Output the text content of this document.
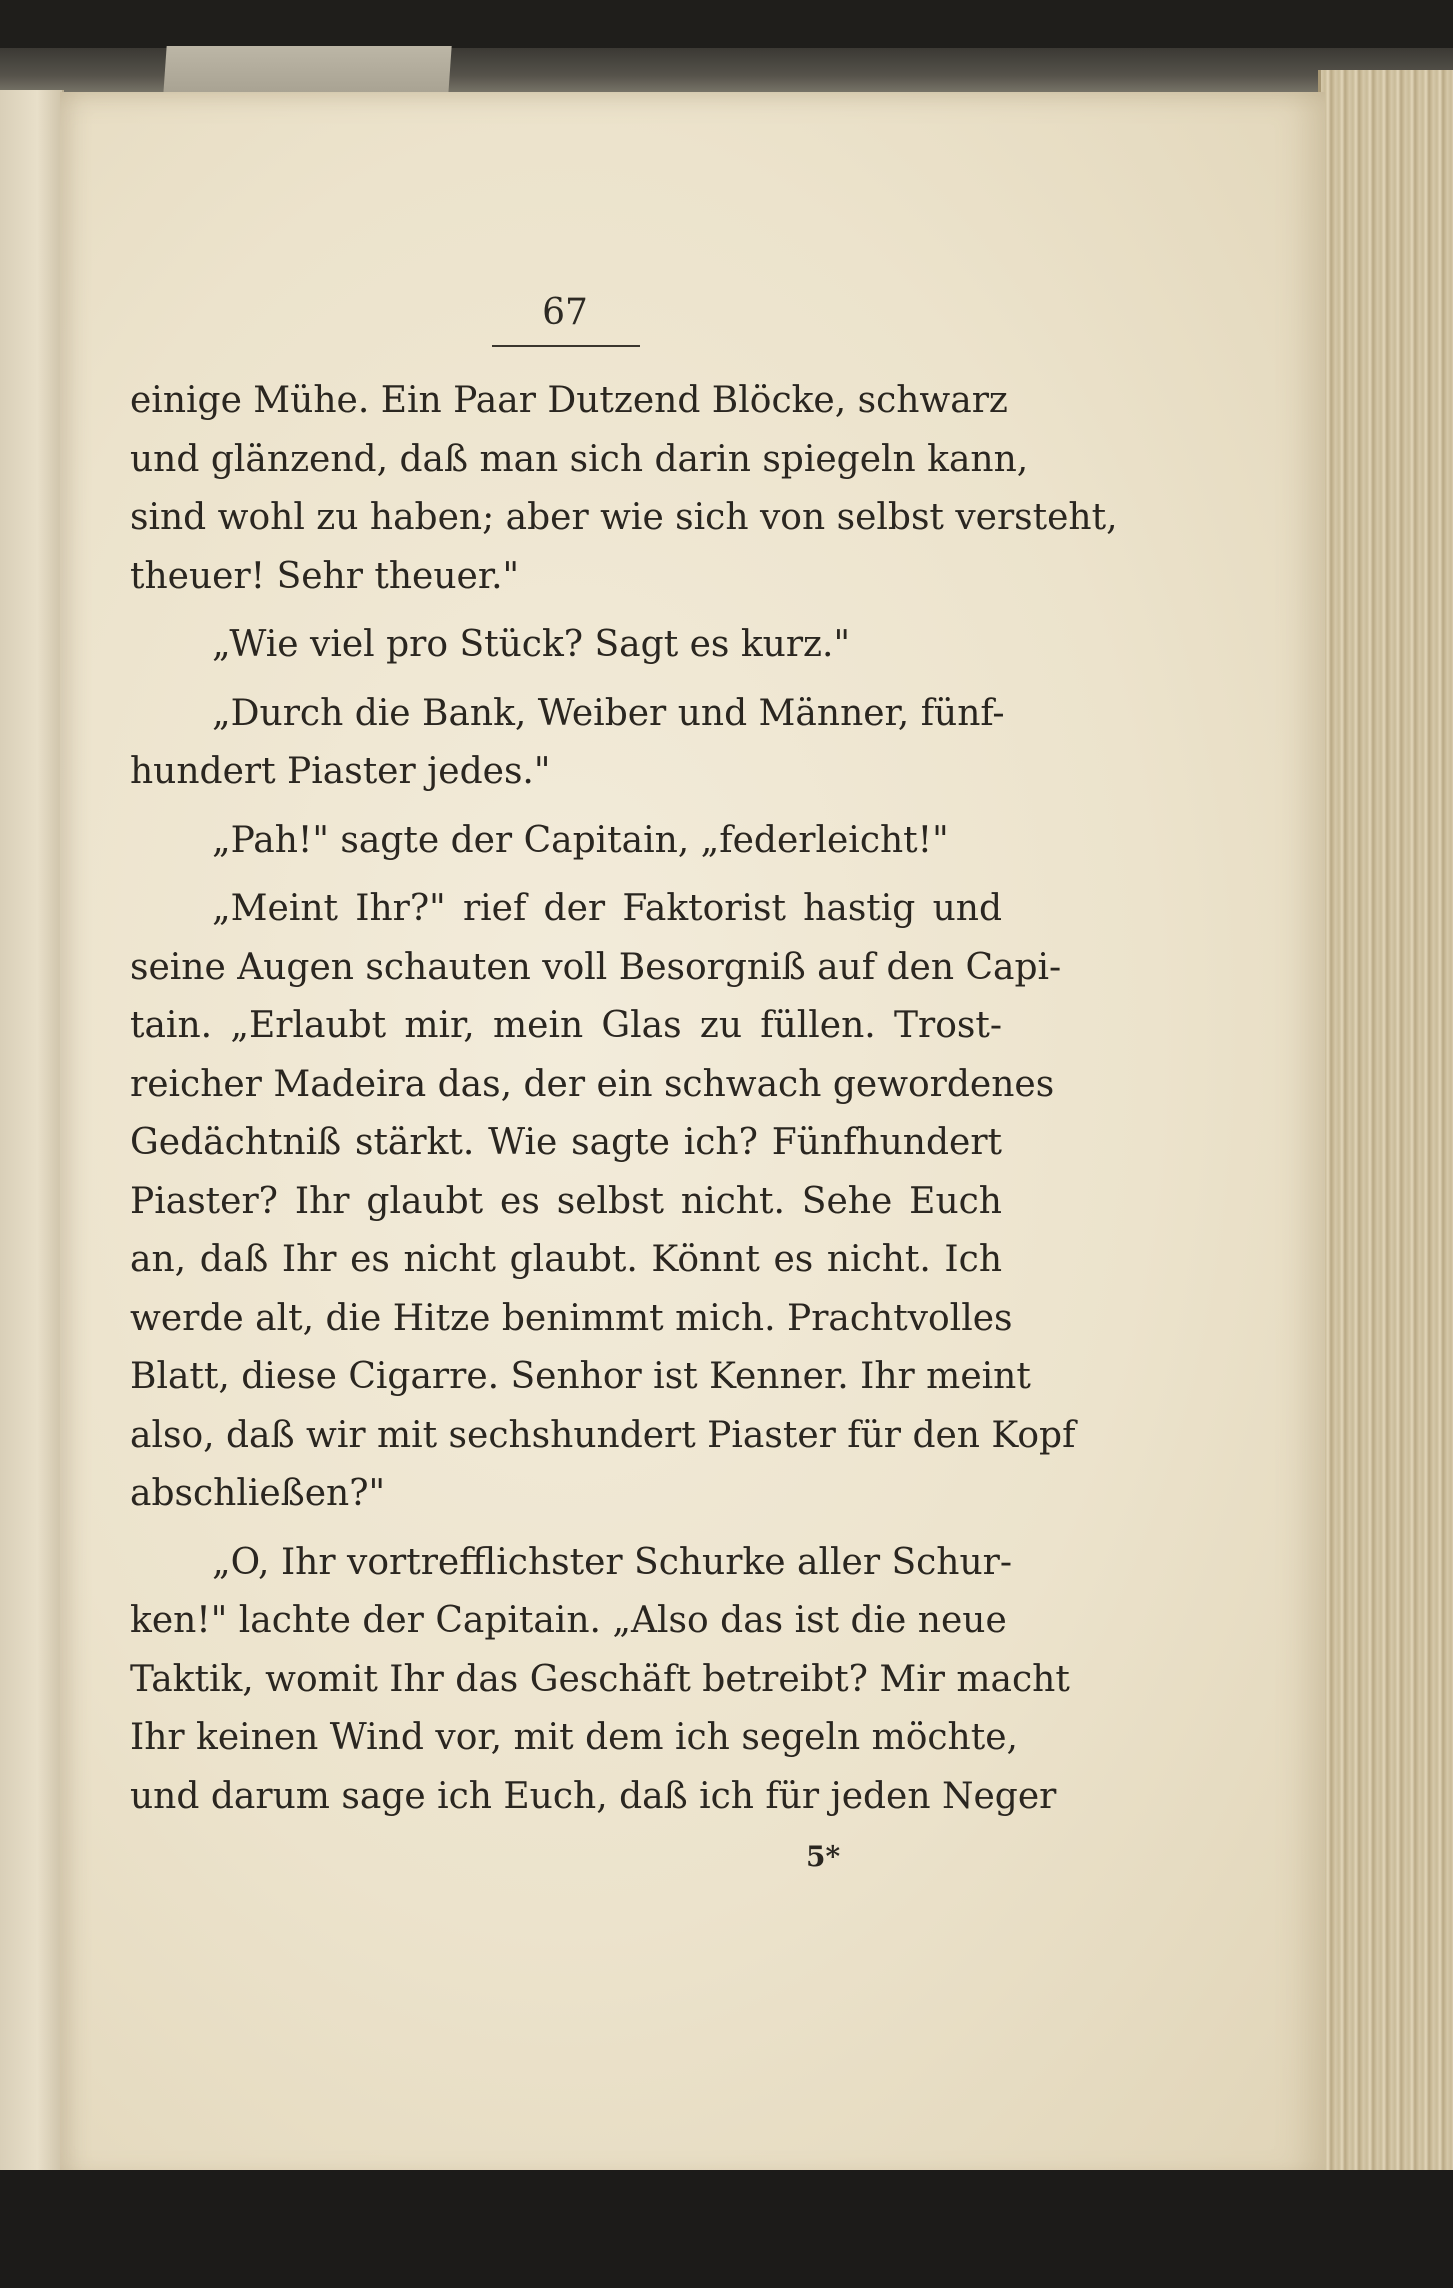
67
einige Mühe. Ein Paar Dutzend Blöcke, schwarz
und glänzend, daß man sich darin spiegeln kann,
sind wohl zu haben; aber wie sich von selbst versteht,
theuer! Sehr theuer."
„Wie viel pro Stück? Sagt es kurz."
„Durch die Bank, Weiber und Männer, fünf-
hundert Piaster jedes."
„Pah!" sagte der Capitain, „federleicht!"
„Meint Ihr?" rief der Faktorist hastig und
seine Augen schauten voll Besorgniß auf den Capi-
tain. „Erlaubt mir, mein Glas zu füllen. Trost-
reicher Madeira das, der ein schwach gewordenes
Gedächtniß stärkt. Wie sagte ich? Fünfhundert
Piaster? Ihr glaubt es selbst nicht. Sehe Euch
an, daß Ihr es nicht glaubt. Könnt es nicht. Ich
werde alt, die Hitze benimmt mich. Prachtvolles
Blatt, diese Cigarre. Senhor ist Kenner. Ihr meint
also, daß wir mit sechshundert Piaster für den Kopf
abschließen?"
„O, Ihr vortrefflichster Schurke aller Schur-
ken!" lachte der Capitain. „Also das ist die neue
Taktik, womit Ihr das Geschäft betreibt? Mir macht
Ihr keinen Wind vor, mit dem ich segeln möchte,
und darum sage ich Euch, daß ich für jeden Neger
5*
